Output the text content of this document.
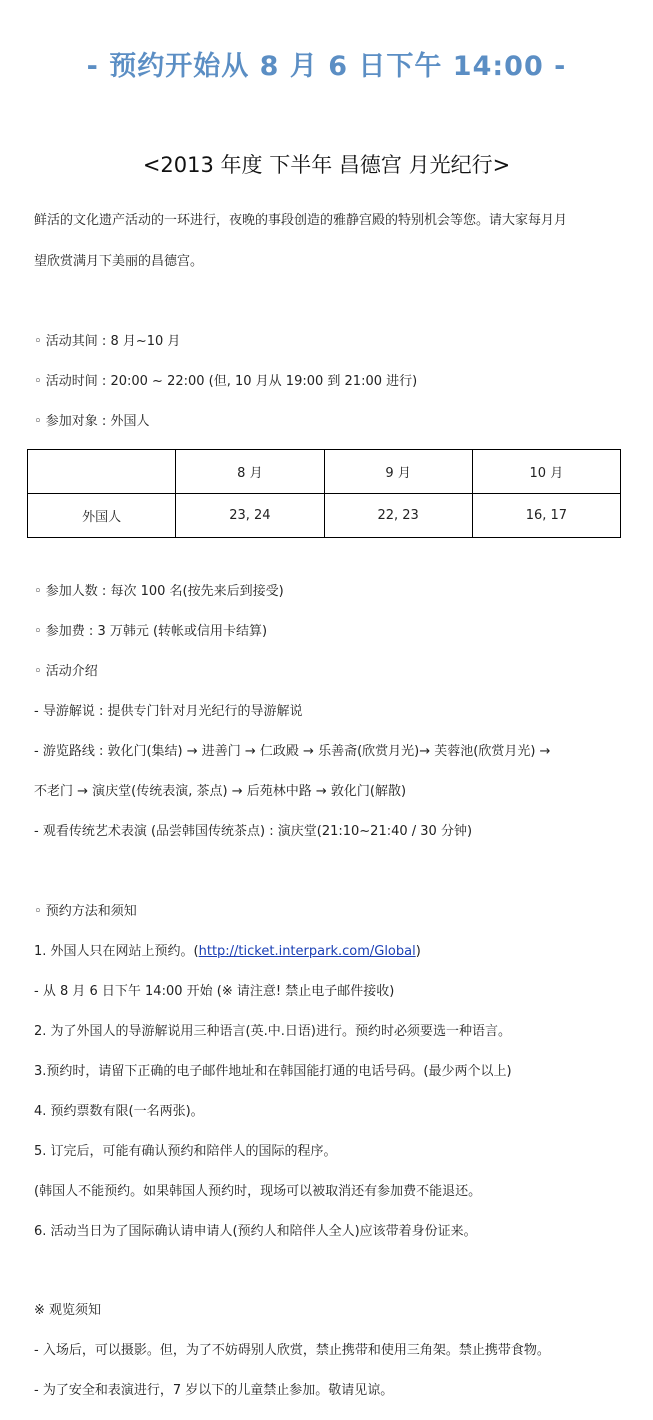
- 预约开始从 8 月 6 日下午 14:00 -
<2013 年度 下半年 昌德宫 月光纪行>
鲜活的文化遗产活动的一环进行，夜晚的事段创造的雅静宫殿的特别机会等您。请大家每月月
望欣赏满月下美丽的昌德宫。
◦ 活动其间 : 8 月~10 月
◦ 活动时间 : 20:00 ~ 22:00 (但, 10 月从 19:00 到 21:00 进行)
◦ 参加对象 : 外国人
	8 月	9 月	10 月
外国人	23, 24	22, 23	16, 17
◦ 参加人数 : 每次 100 名(按先来后到接受)
◦ 参加费 : 3 万韩元 (转帐或信用卡结算)
◦ 活动介绍
- 导游解说 : 提供专门针对月光纪行的导游解说
- 游览路线 : 敦化门(集结) → 进善门 → 仁政殿 → 乐善斋(欣赏月光)→ 芙蓉池(欣赏月光) →
不老门 → 演庆堂(传统表演, 茶点) → 后苑林中路 → 敦化门(解散)
- 观看传统艺术表演 (品尝韩国传统茶点) : 演庆堂(21:10~21:40 / 30 分钟)
◦ 预约方法和须知
1. 外国人只在网站上预约。(http://ticket.interpark.com/Global)
- 从 8 月 6 日下午 14:00 开始 (※ 请注意! 禁止电子邮件接收)
2. 为了外国人的导游解说用三种语言(英.中.日语)进行。预约时必须要选一种语言。
3.预约时，请留下正确的电子邮件地址和在韩国能打通的电话号码。(最少两个以上)
4. 预约票数有限(一名两张)。
5. 订完后，可能有确认预约和陪伴人的国际的程序。
(韩国人不能预约。如果韩国人预约时，现场可以被取消还有参加费不能退还。
6. 活动当日为了国际确认请申请人(预约人和陪伴人全人)应该带着身份证来。
※ 观览须知
- 入场后，可以摄影。但，为了不妨碍别人欣赏，禁止携带和使用三角架。禁止携带食物。
- 为了安全和表演进行，7 岁以下的儿童禁止参加。敬请见谅。
